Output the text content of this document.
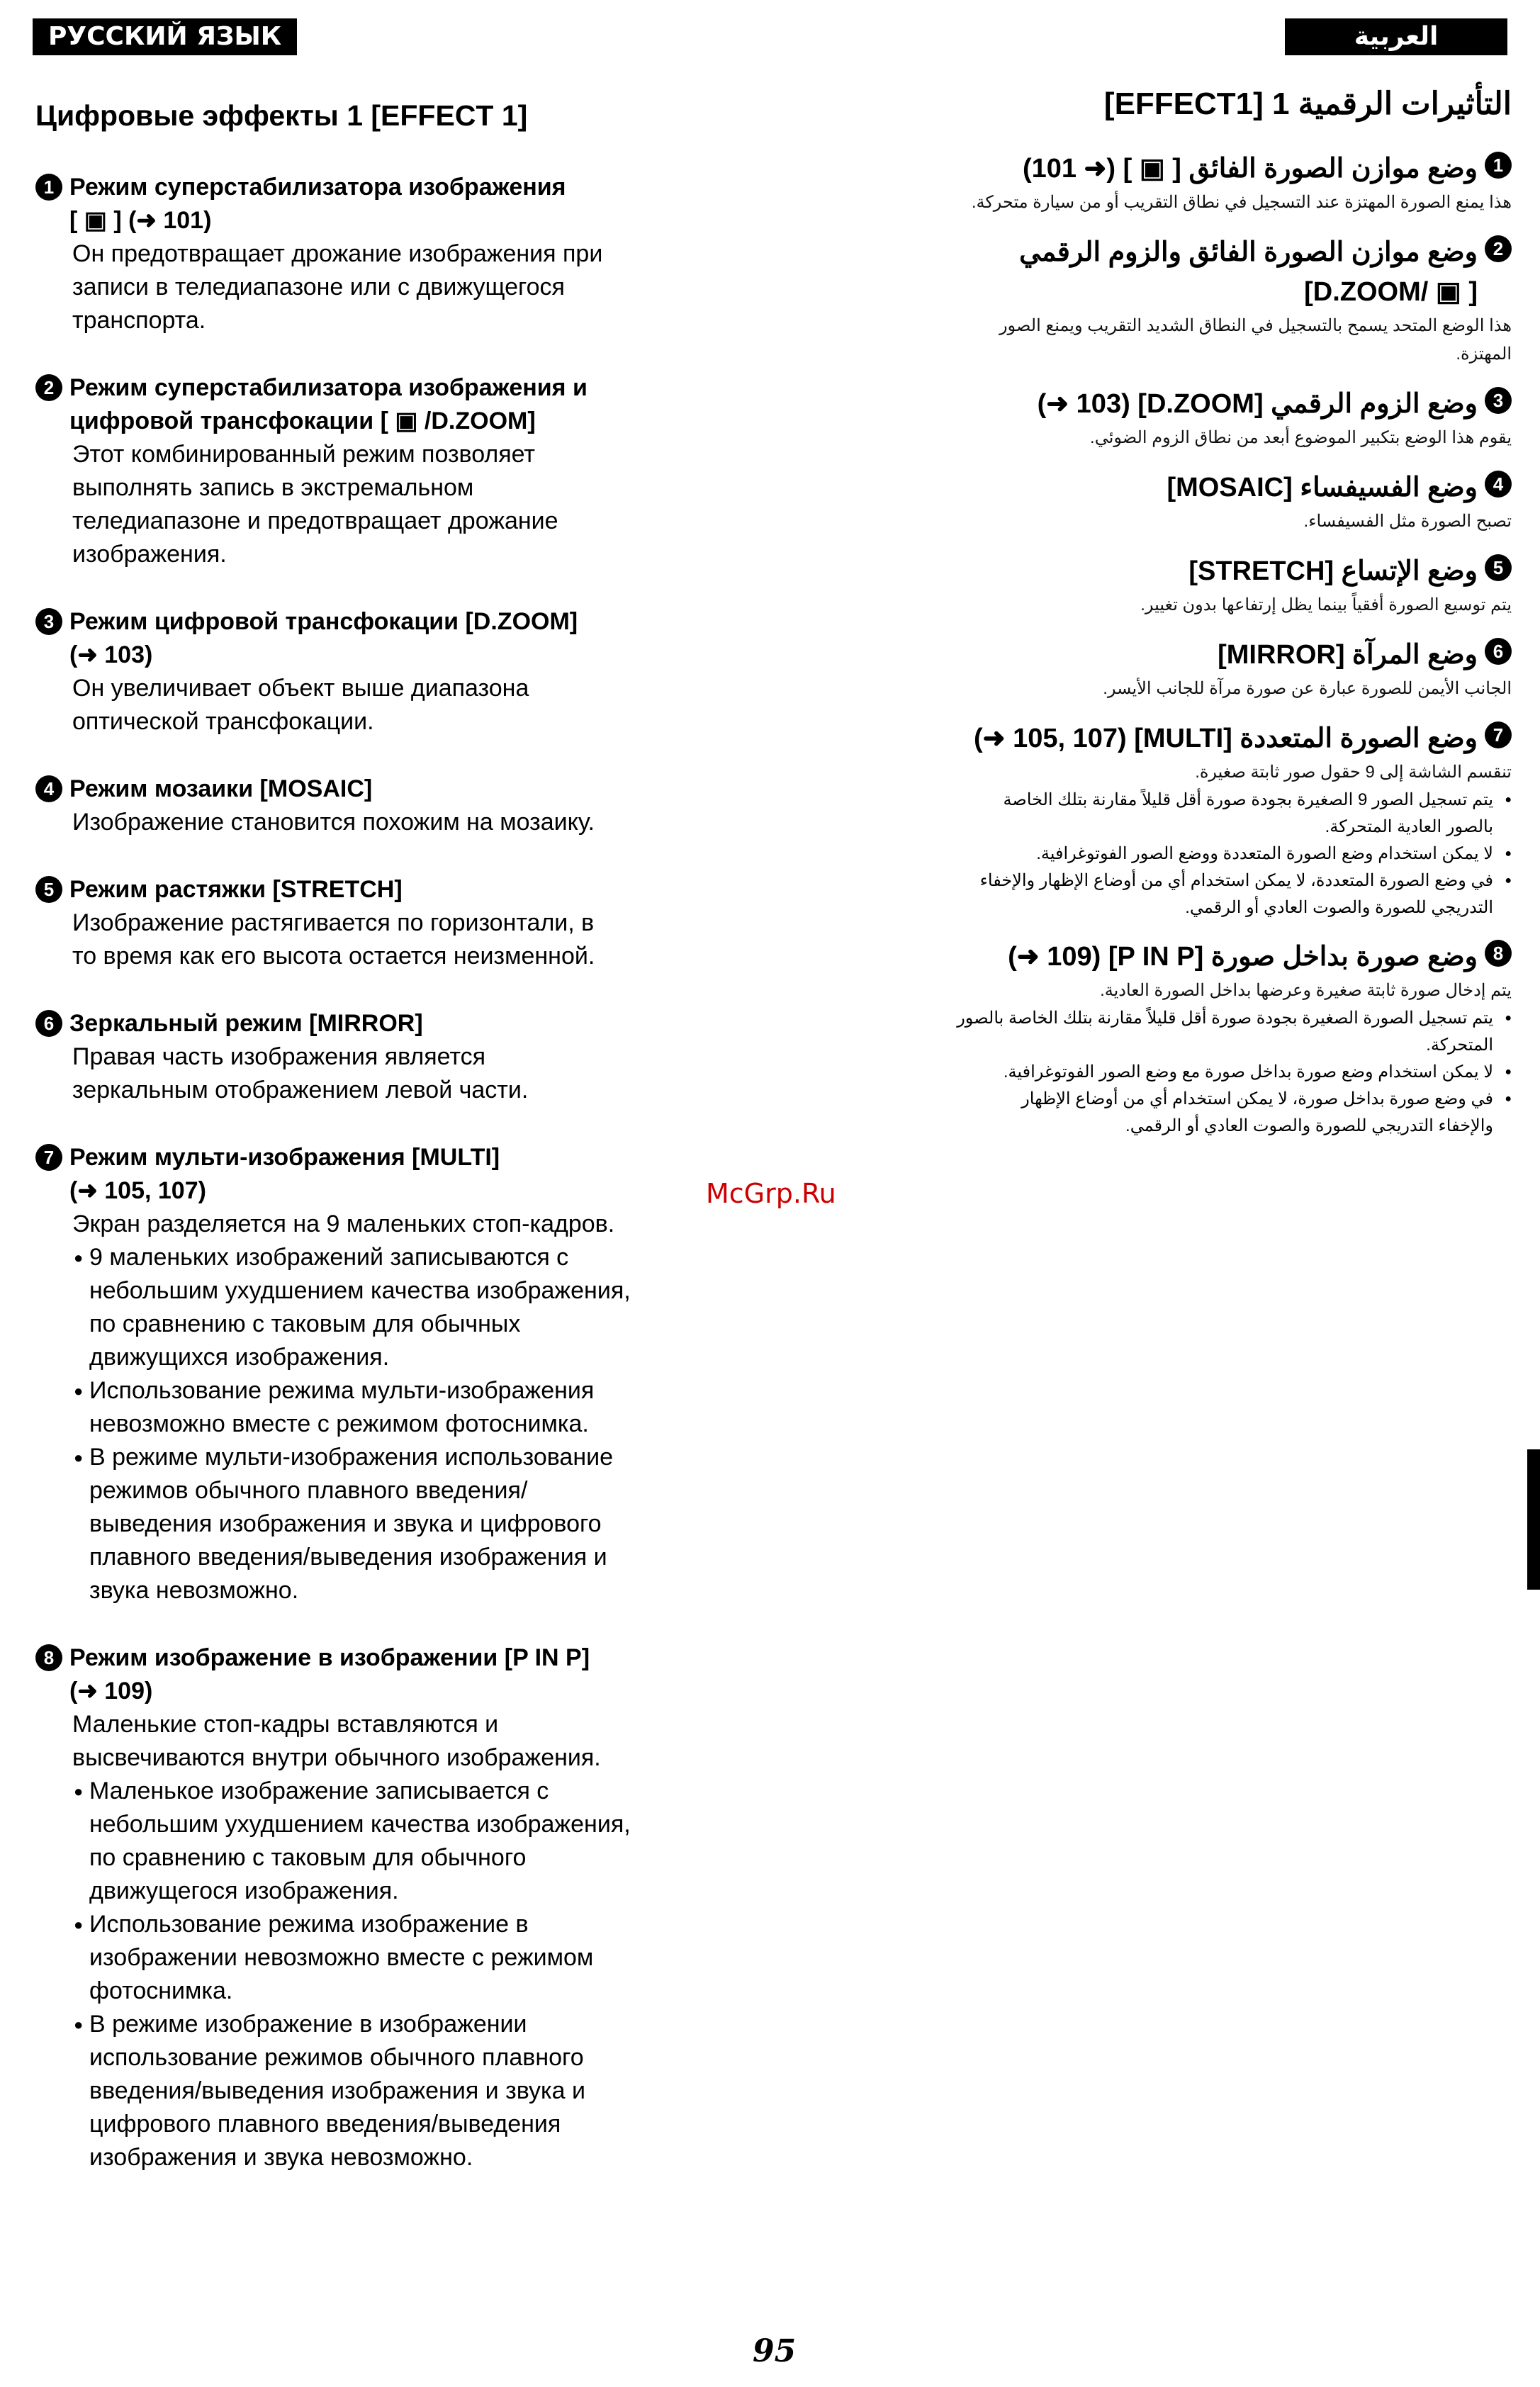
РУССКИЙ ЯЗЫК	العربية
Цифровые эффекты 1 [EFFECT 1]
1 Режим суперстабилизатора изображения
[ ▣ ] (➜ 101)
Он предотвращает дрожание изображения при
записи в теледиапазоне или с движущегося
транспорта.
2 Режим суперстабилизатора изображения и
цифровой трансфокации [ ▣ /D.ZOOM]
Этот комбинированный режим позволяет
выполнять запись в экстремальном
теледиапазоне и предотвращает дрожание
изображения.
3 Режим цифровой трансфокации [D.ZOOM]
(➜ 103)
Он увеличивает объект выше диапазона
оптической трансфокации.
4 Режим мозаики [MOSAIC]
Изображение становится похожим на мозаику.
5 Режим растяжки [STRETCH]
Изображение растягивается по горизонтали, в
то время как его высота остается неизменной.
6 Зеркальный режим [MIRROR]
Правая часть изображения является
зеркальным отображением левой части.
7 Режим мульти-изображения [MULTI]
(➜ 105, 107)
Экран разделяется на 9 маленьких стоп-кадров.
● 9 маленьких изображений записываются с
небольшим ухудшением качества изображения,
по сравнению с таковым для обычных
движущихся изображения.
● Использование режима мульти-изображения
невозможно вместе с режимом фотоснимка.
● В режиме мульти-изображения использование
режимов обычного плавного введения/
выведения изображения и звука и цифрового
плавного введения/выведения изображения и
звука невозможно.
8 Режим изображение в изображении [P IN P]
(➜ 109)
Маленькие стоп-кадры вставляются и
высвечиваются внутри обычного изображения.
● Маленькое изображение записывается с
небольшим ухудшением качества изображения,
по сравнению с таковым для обычного
движущегося изображения.
● Использование режима изображение в
изображении невозможно вместе с режимом
фотоснимка.
● В режиме изображение в изображении
использование режимов обычного плавного
введения/выведения изображения и звука и
цифрового плавного введения/выведения
изображения и звука невозможно.
التأثيرات الرقمية 1 [EFFECT1]
1
وضع موازن الصورة الفائق [ ▣ ] (➜ 101)
هذا يمنع الصورة المهتزة عند التسجيل في نطاق التقريب أو من سيارة متحركة.
2
وضع موازن الصورة الفائق والزوم الرقمي
[ ▣ /D.ZOOM]
هذا الوضع المتحد يسمح بالتسجيل في النطاق الشديد التقريب ويمنع الصور
المهتزة.
3
وضع الزوم الرقمي [D.ZOOM] (103 ➜)
يقوم هذا الوضع بتكبير الموضوع أبعد من نطاق الزوم الضوئي.
4
وضع الفسيفساء [MOSAIC]
تصبح الصورة مثل الفسيفساء.
5
وضع الإتساع [STRETCH]
يتم توسيع الصورة أفقياً بينما يظل إرتفاعها بدون تغيير.
6
وضع المرآة [MIRROR]
الجانب الأيمن للصورة عبارة عن صورة مرآة للجانب الأيسر.
7
وضع الصورة المتعددة [MULTI] (105, 107 ➜)
تنقسم الشاشة إلى 9 حقول صور ثابتة صغيرة.
● يتم تسجيل الصور 9 الصغيرة بجودة صورة أقل قليلاً مقارنة بتلك الخاصة
بالصور العادية المتحركة.
● لا يمكن استخدام وضع الصورة المتعددة ووضع الصور الفوتوغرافية.
● في وضع الصورة المتعددة، لا يمكن استخدام أي من أوضاع الإظهار والإخفاء
التدريجي للصورة والصوت العادي أو الرقمي.
8
وضع صورة بداخل صورة [P IN P] (109 ➜)
يتم إدخال صورة ثابتة صغيرة وعرضها بداخل الصورة العادية.
● يتم تسجيل الصورة الصغيرة بجودة صورة أقل قليلاً مقارنة بتلك الخاصة بالصور
المتحركة.
● لا يمكن استخدام وضع صورة بداخل صورة مع وضع الصور الفوتوغرافية.
● في وضع صورة بداخل صورة، لا يمكن استخدام أي من أوضاع الإظهار
والإخفاء التدريجي للصورة والصوت العادي أو الرقمي.
McGrp.Ru
95
